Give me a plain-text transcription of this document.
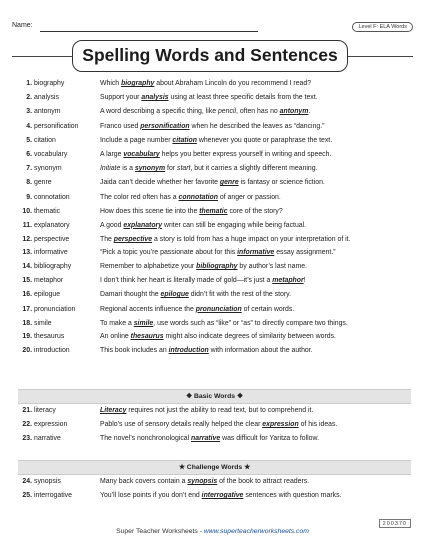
Name:	Level F: ELA Words
Spelling Words and Sentences
1. biography	Which biography about Abraham Lincoln do you recommend I read?
2. analysis	Support your analysis using at least three specific details from the text.
3. antonym	A word describing a specific thing, like pencil, often has no antonym.
4. personification	Franco used personification when he described the leaves as “dancing.”
5. citation	Include a page number citation whenever you quote or paraphrase the text.
6. vocabulary	A large vocabulary helps you better express yourself in writing and speech.
7. synonym	Initiate is a synonym for start, but it carries a slightly different meaning.
8. genre	Jaida can’t decide whether her favorite genre is fantasy or science fiction.
9. connotation	The color red often has a connotation of anger or passion.
10. thematic	How does this scene tie into the thematic core of the story?
11. explanatory	A good explanatory writer can still be engaging while being factual.
12. perspective	The perspective a story is told from has a huge impact on your interpretation of it.
13. informative	“Pick a topic you’re passionate about for this informative essay assignment.”
14. bibliography	Remember to alphabetize your bibliography by author’s last name.
15. metaphor	I don’t think her heart is literally made of gold—it’s just a metaphor!
16. epilogue	Damari thought the epilogue didn’t fit with the rest of the story.
17. pronunciation	Regional accents influence the pronunciation of certain words.
18. simile	To make a simile, use words such as “like” or “as” to directly compare two things.
19. thesaurus	An online thesaurus might also indicate degrees of similarity between words.
20. introduction	This book includes an introduction with information about the author.
❖ Basic Words ❖
21. literacy	Literacy requires not just the ability to read text, but to comprehend it.
22. expression	Pablo’s use of sensory details really helped the clear expression of his ideas.
23. narrative	The novel’s nonchronological narrative was difficult for Yaritza to follow.
★ Challenge Words ★
24. synopsis	Many back covers contain a synopsis of the book to attract readers.
25. interrogative	You’ll lose points if you don’t end interrogative sentences with question marks.
200370
Super Teacher Worksheets - www.superteacherworksheets.com
